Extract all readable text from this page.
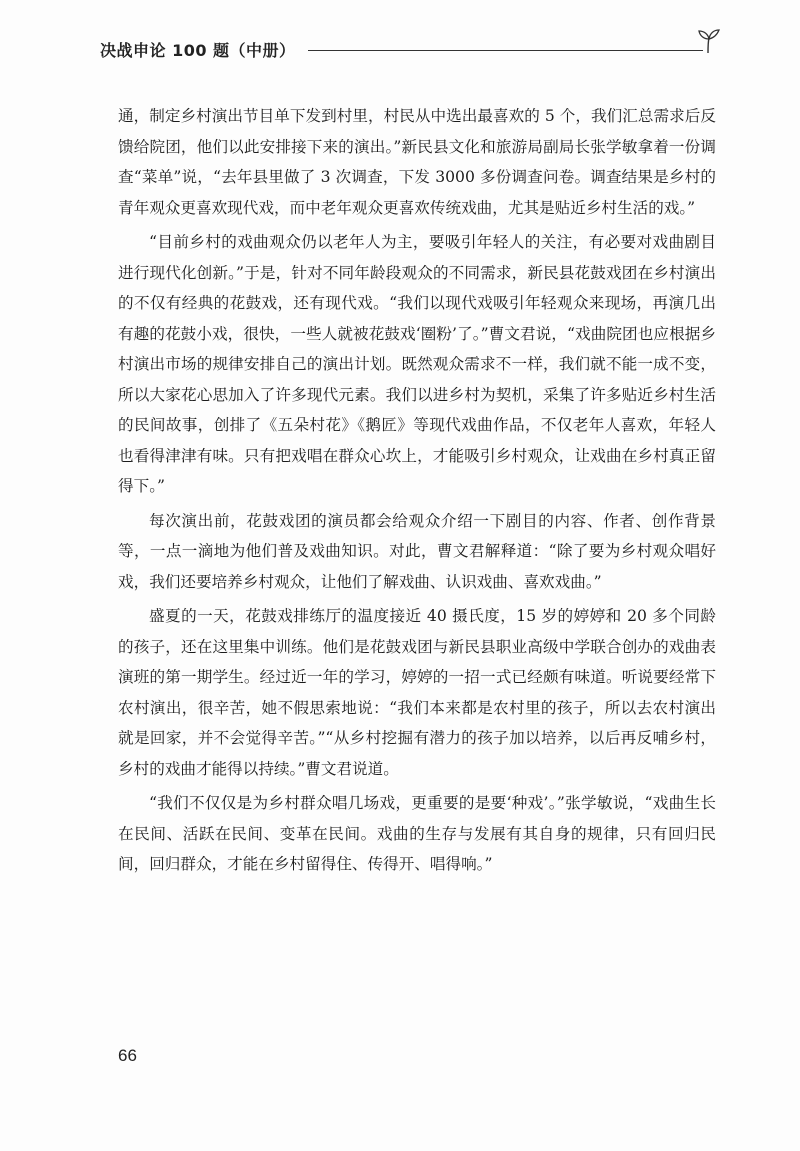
决战申论 100 题（中册）

通，制定乡村演出节目单下发到村里，村民从中选出最喜欢的 5 个，我们汇总需求后反馈给院团，他们以此安排接下来的演出。”新民县文化和旅游局副局长张学敏拿着一份调查“菜单”说，“去年县里做了 3 次调查，下发 3000 多份调查问卷。调查结果是乡村的青年观众更喜欢现代戏，而中老年观众更喜欢传统戏曲，尤其是贴近乡村生活的戏。”

“目前乡村的戏曲观众仍以老年人为主，要吸引年轻人的关注，有必要对戏曲剧目进行现代化创新。”于是，针对不同年龄段观众的不同需求，新民县花鼓戏团在乡村演出的不仅有经典的花鼓戏，还有现代戏。“我们以现代戏吸引年轻观众来现场，再演几出有趣的花鼓小戏，很快，一些人就被花鼓戏‘圈粉’了。”曹文君说，“戏曲院团也应根据乡村演出市场的规律安排自己的演出计划。既然观众需求不一样，我们就不能一成不变，所以大家花心思加入了许多现代元素。我们以进乡村为契机，采集了许多贴近乡村生活的民间故事，创排了《五朵村花》《鹅匠》等现代戏曲作品，不仅老年人喜欢，年轻人也看得津津有味。只有把戏唱在群众心坎上，才能吸引乡村观众，让戏曲在乡村真正留得下。”

每次演出前，花鼓戏团的演员都会给观众介绍一下剧目的内容、作者、创作背景等，一点一滴地为他们普及戏曲知识。对此，曹文君解释道：“除了要为乡村观众唱好戏，我们还要培养乡村观众，让他们了解戏曲、认识戏曲、喜欢戏曲。”

盛夏的一天，花鼓戏排练厅的温度接近 40 摄氏度，15 岁的婷婷和 20 多个同龄的孩子，还在这里集中训练。他们是花鼓戏团与新民县职业高级中学联合创办的戏曲表演班的第一期学生。经过近一年的学习，婷婷的一招一式已经颇有味道。听说要经常下农村演出，很辛苦，她不假思索地说：“我们本来都是农村里的孩子，所以去农村演出就是回家，并不会觉得辛苦。”“从乡村挖掘有潜力的孩子加以培养，以后再反哺乡村，乡村的戏曲才能得以持续。”曹文君说道。

“我们不仅仅是为乡村群众唱几场戏，更重要的是要‘种戏’。”张学敏说，“戏曲生长在民间、活跃在民间、变革在民间。戏曲的生存与发展有其自身的规律，只有回归民间，回归群众，才能在乡村留得住、传得开、唱得响。”

66
